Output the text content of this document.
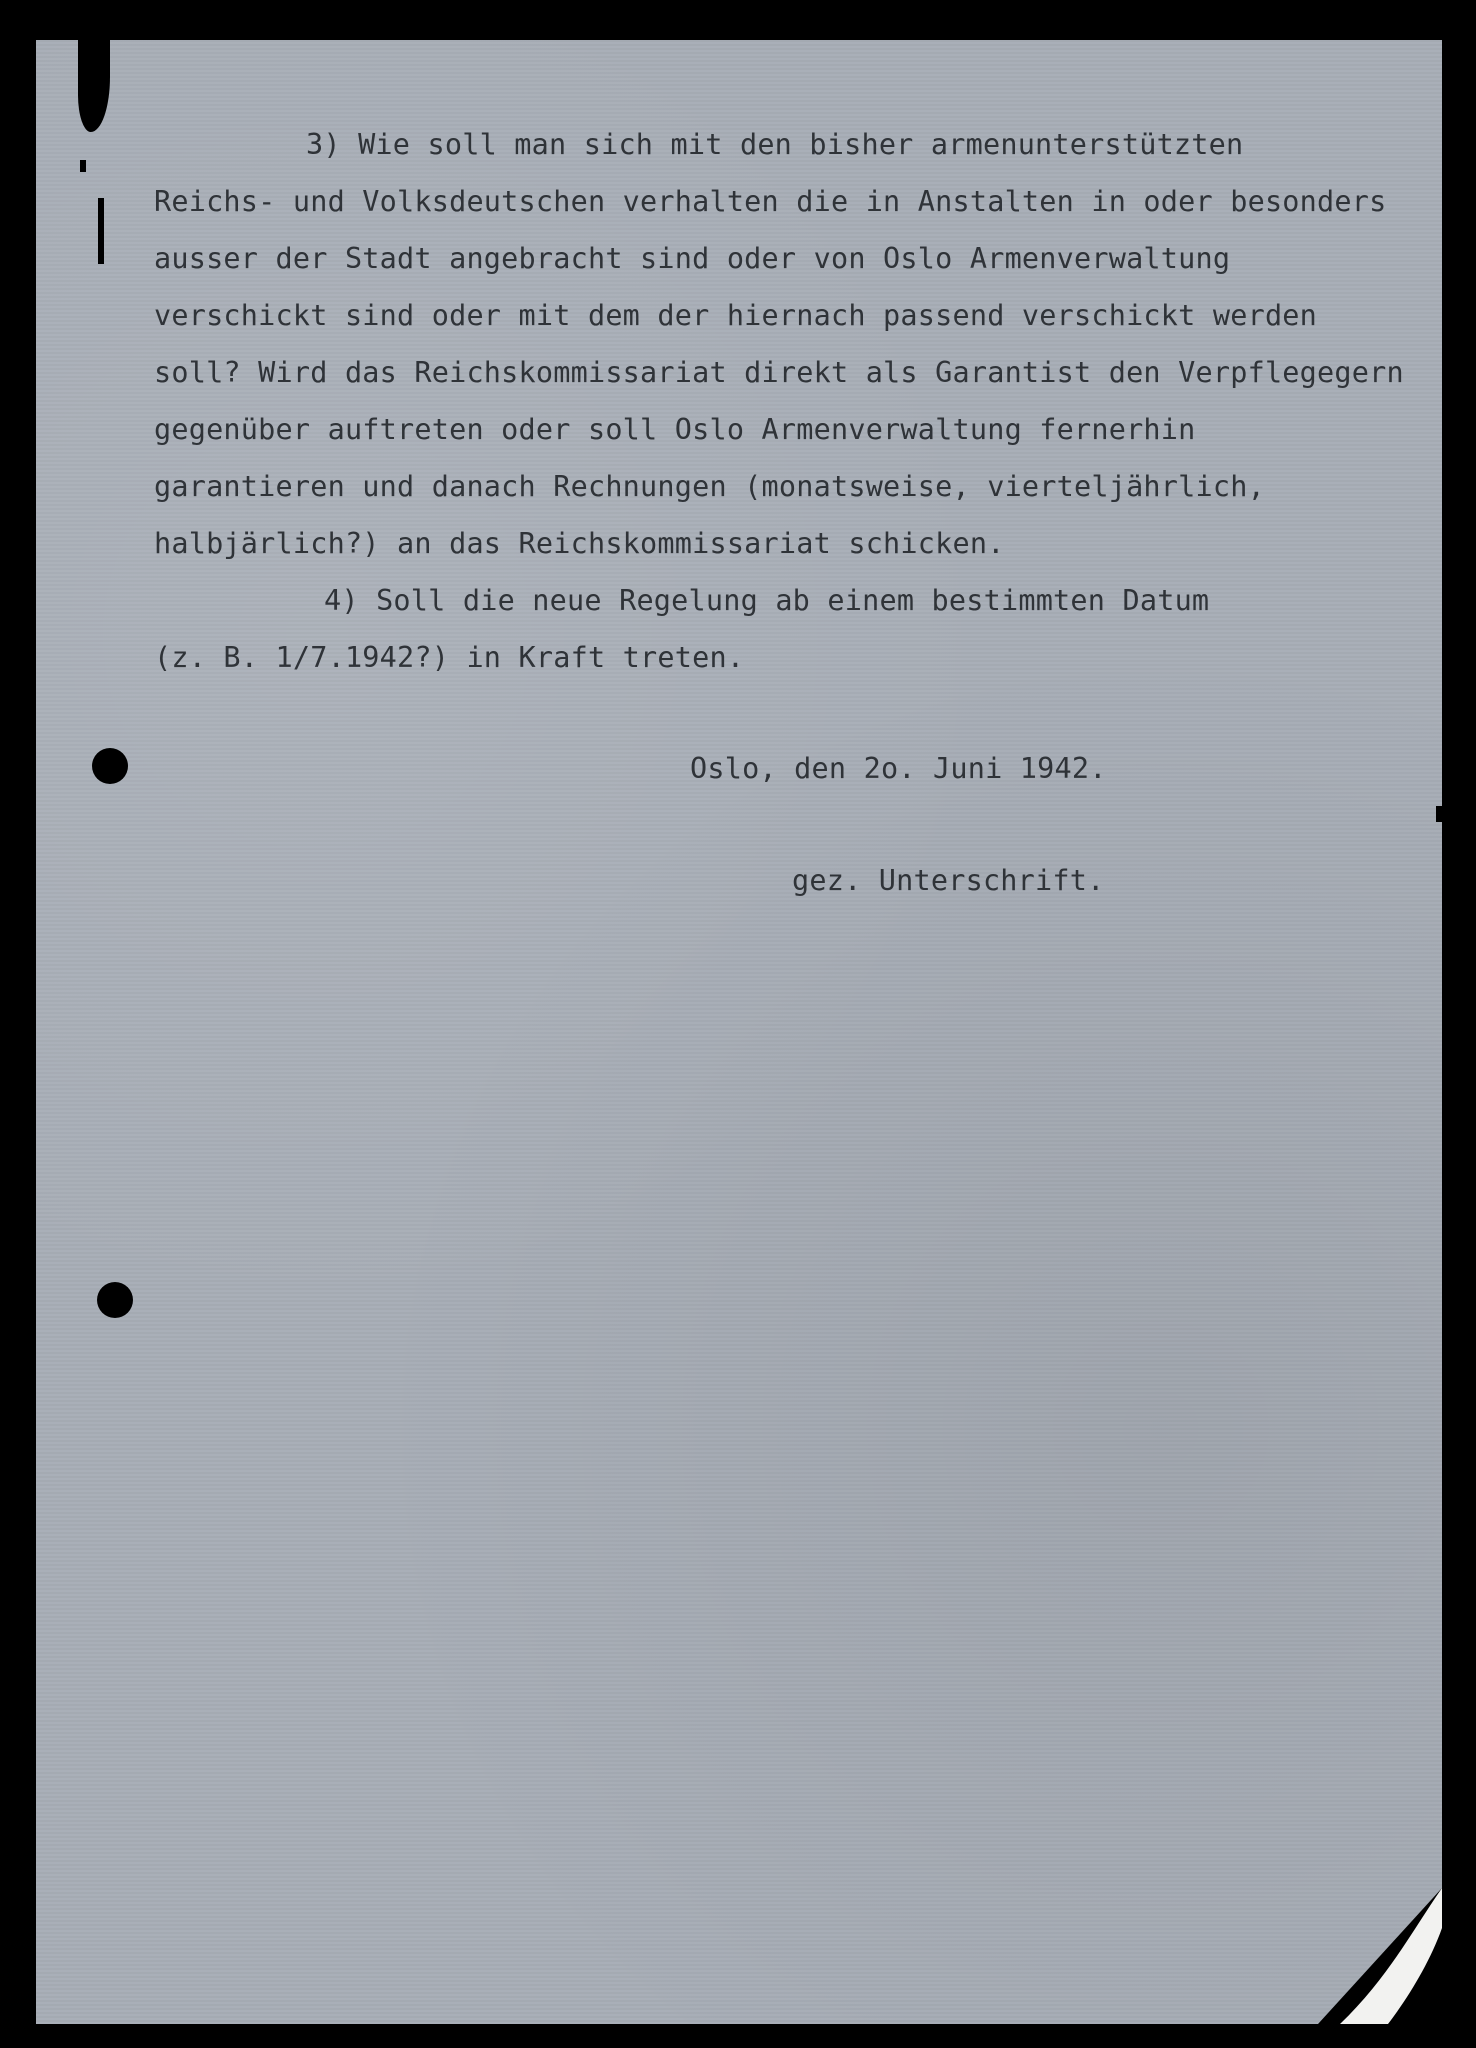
3) Wie soll man sich mit den bisher armenunterstützten
Reichs- und Volksdeutschen verhalten die in Anstalten in oder besonders
ausser der Stadt angebracht sind oder von Oslo Armenverwaltung
verschickt sind oder mit dem der hiernach passend verschickt werden
soll? Wird das Reichskommissariat direkt als Garantist den Verpflegegern
gegenüber auftreten oder soll Oslo Armenverwaltung fernerhin
garantieren und danach Rechnungen (monatsweise, vierteljährlich,
halbjärlich?) an das Reichskommissariat schicken.
4) Soll die neue Regelung ab einem bestimmten Datum
(z. B. 1/7.1942?) in Kraft treten.
Oslo, den 2o. Juni 1942.
gez. Unterschrift.
